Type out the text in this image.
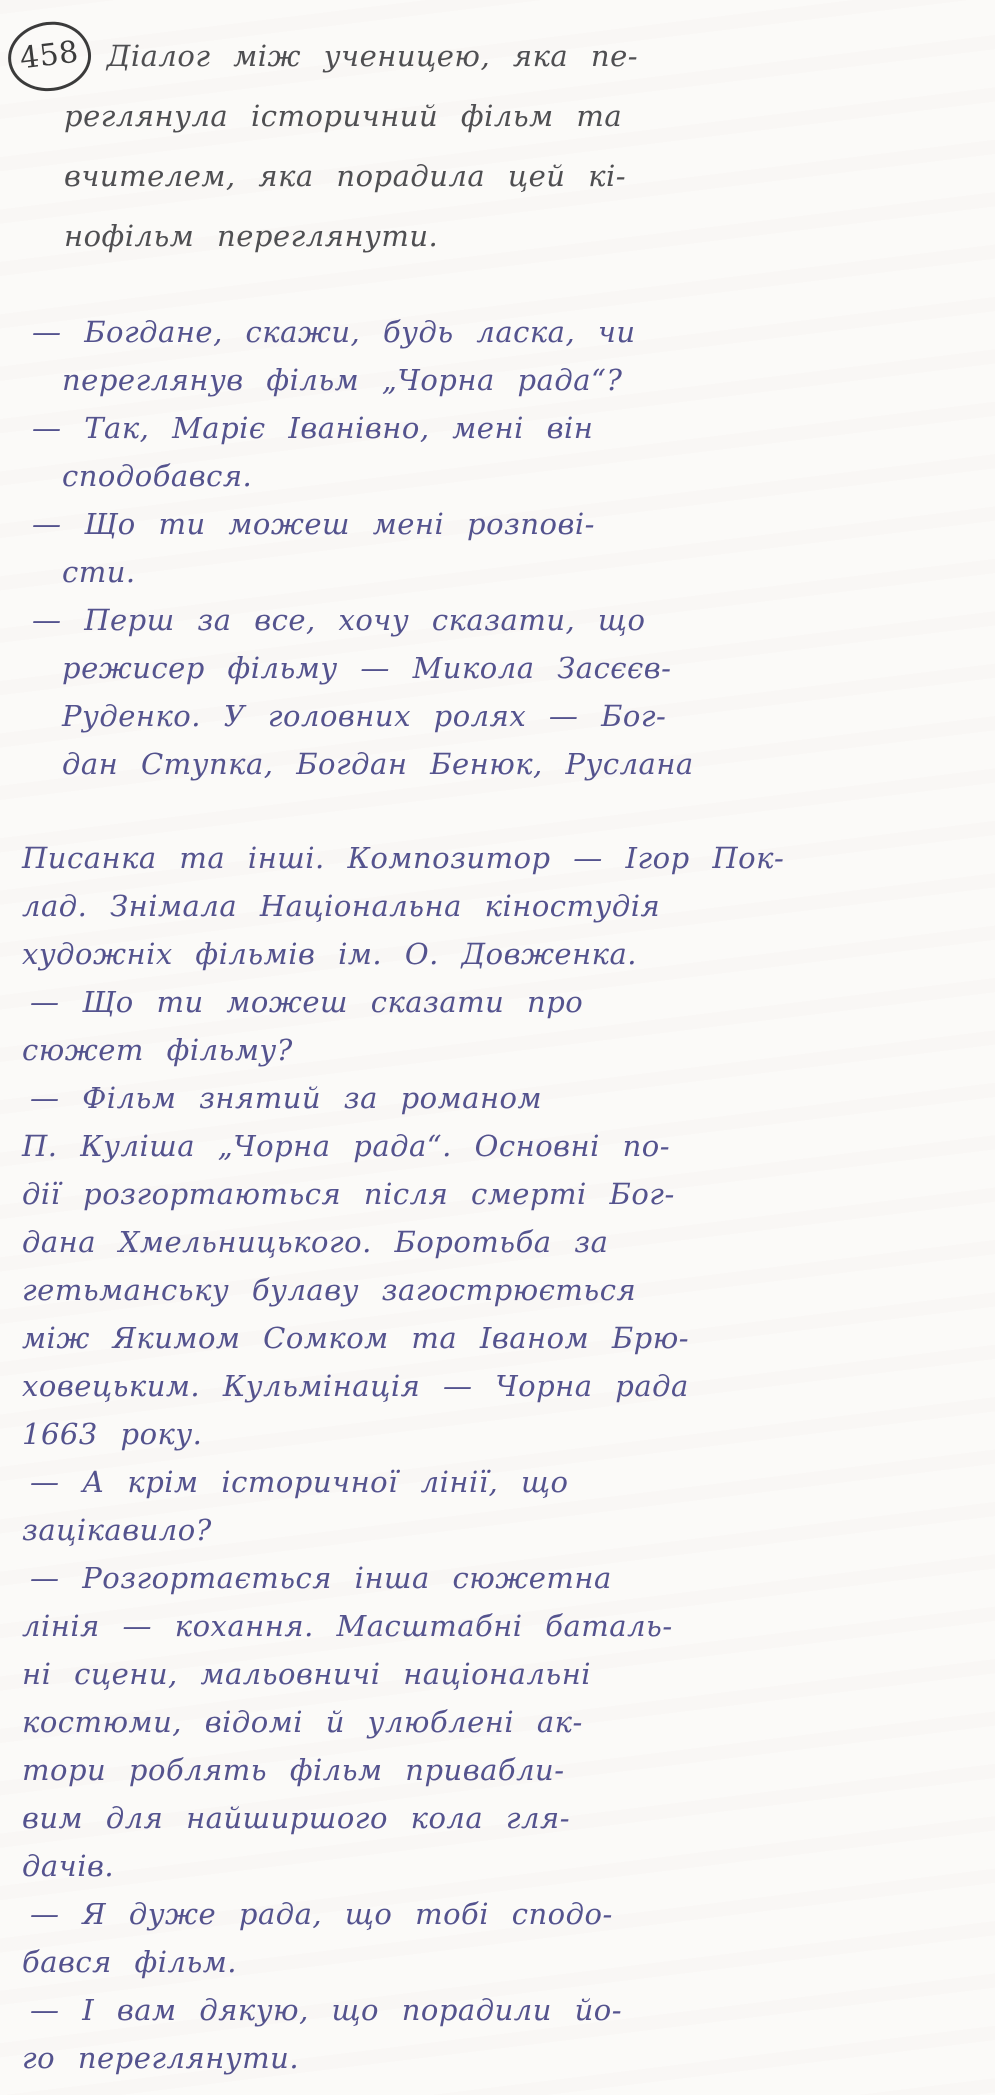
458 Діалог між ученицею, яка пе-
реглянула історичний фільм та
вчителем, яка порадила цей кі-
нофільм переглянути.
— Богдане, скажи, будь ласка, чи
переглянув фільм „Чорна рада“?
— Так, Маріє Іванівно, мені він
сподобався.
— Що ти можеш мені розпові-
сти.
— Перш за все, хочу сказати, що
режисер фільму — Микола Засєєв-
Руденко. У головних ролях — Бог-
дан Ступка, Богдан Бенюк, Руслана
Писанка та інші. Композитор — Ігор Пок-
лад. Знімала Національна кіностудія
художніх фільмів ім. О. Довженка.
— Що ти можеш сказати про
сюжет фільму?
— Фільм знятий за романом
П. Куліша „Чорна рада“. Основні по-
дії розгортаються після смерті Бог-
дана Хмельницького. Боротьба за
гетьманську булаву загострюється
між Якимом Сомком та Іваном Брю-
ховецьким. Кульмінація — Чорна рада
1663 року.
— А крім історичної лінії, що
зацікавило?
— Розгортається інша сюжетна
лінія — кохання. Масштабні баталь-
ні сцени, мальовничі національні
костюми, відомі й улюблені ак-
тори роблять фільм привабли-
вим для найширшого кола гля-
дачів.
— Я дуже рада, що тобі сподо-
бався фільм.
— І вам дякую, що порадили йо-
го переглянути.
